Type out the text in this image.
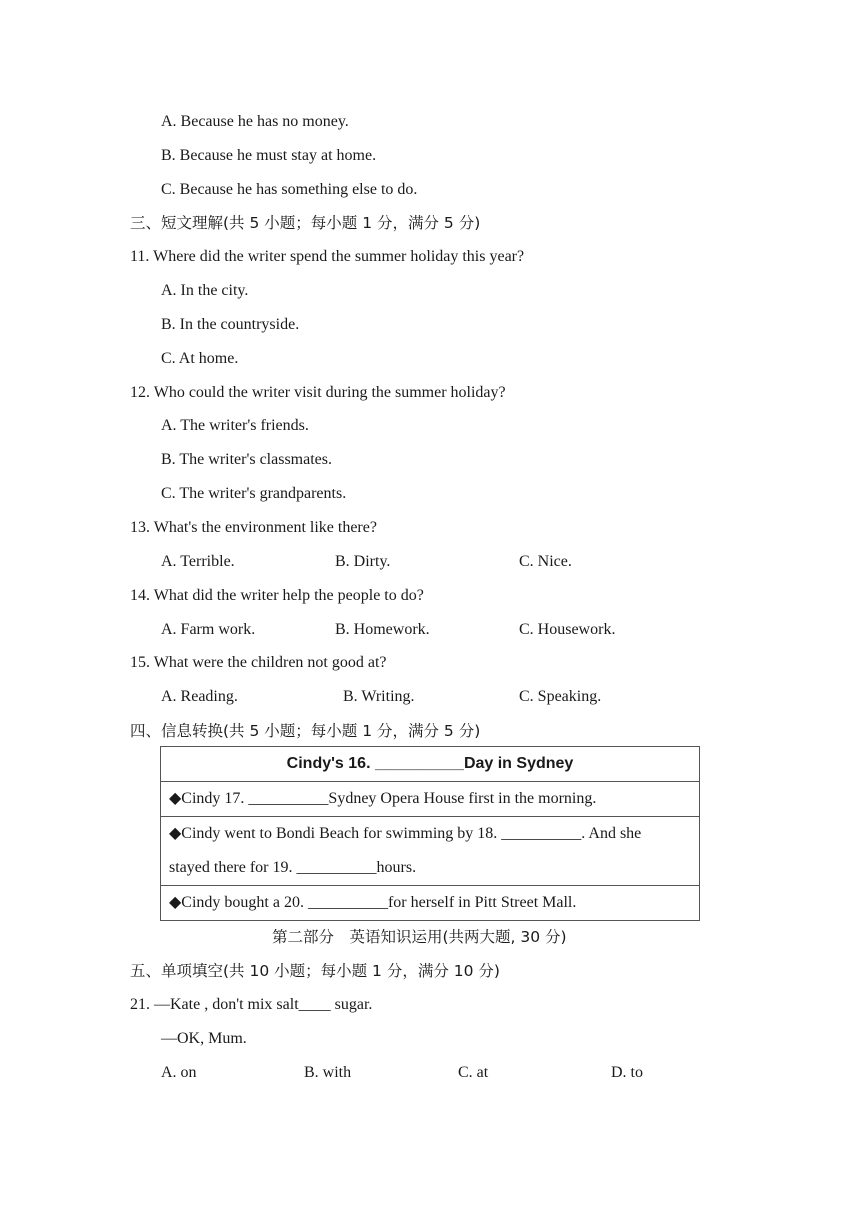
A. Because he has no money.
B. Because he must stay at home.
C. Because he has something else to do.
三、短文理解(共 5 小题；每小题 1 分，满分 5 分)
11. Where did the writer spend the summer holiday this year?
A. In the city.
B. In the countryside.
C. At home.
12. Who could the writer visit during the summer holiday?
A. The writer's friends.
B. The writer's classmates.
C. The writer's grandparents.
13. What's the environment like there?
A. Terrible.	B. Dirty.	C. Nice.
14. What did the writer help the people to do?
A. Farm work.	B. Homework.	C. Housework.
15. What were the children not good at?
A. Reading.	B. Writing.	C. Speaking.
四、信息转换(共 5 小题；每小题 1 分，满分 5 分)
Cindy's 16. __________Day in Sydney
◆Cindy 17. __________Sydney Opera House first in the morning.

◆Cindy went to Bondi Beach for swimming by 18. __________. And she
stayed there for 19. __________hours.

◆Cindy bought a 20. __________for herself in Pitt Street Mall.
第二部分　英语知识运用(共两大题, 30 分)
五、单项填空(共 10 小题；每小题 1 分，满分 10 分)
21. —Kate , don't mix salt____ sugar.
—OK, Mum.
A. on	B. with	C. at	D. to
